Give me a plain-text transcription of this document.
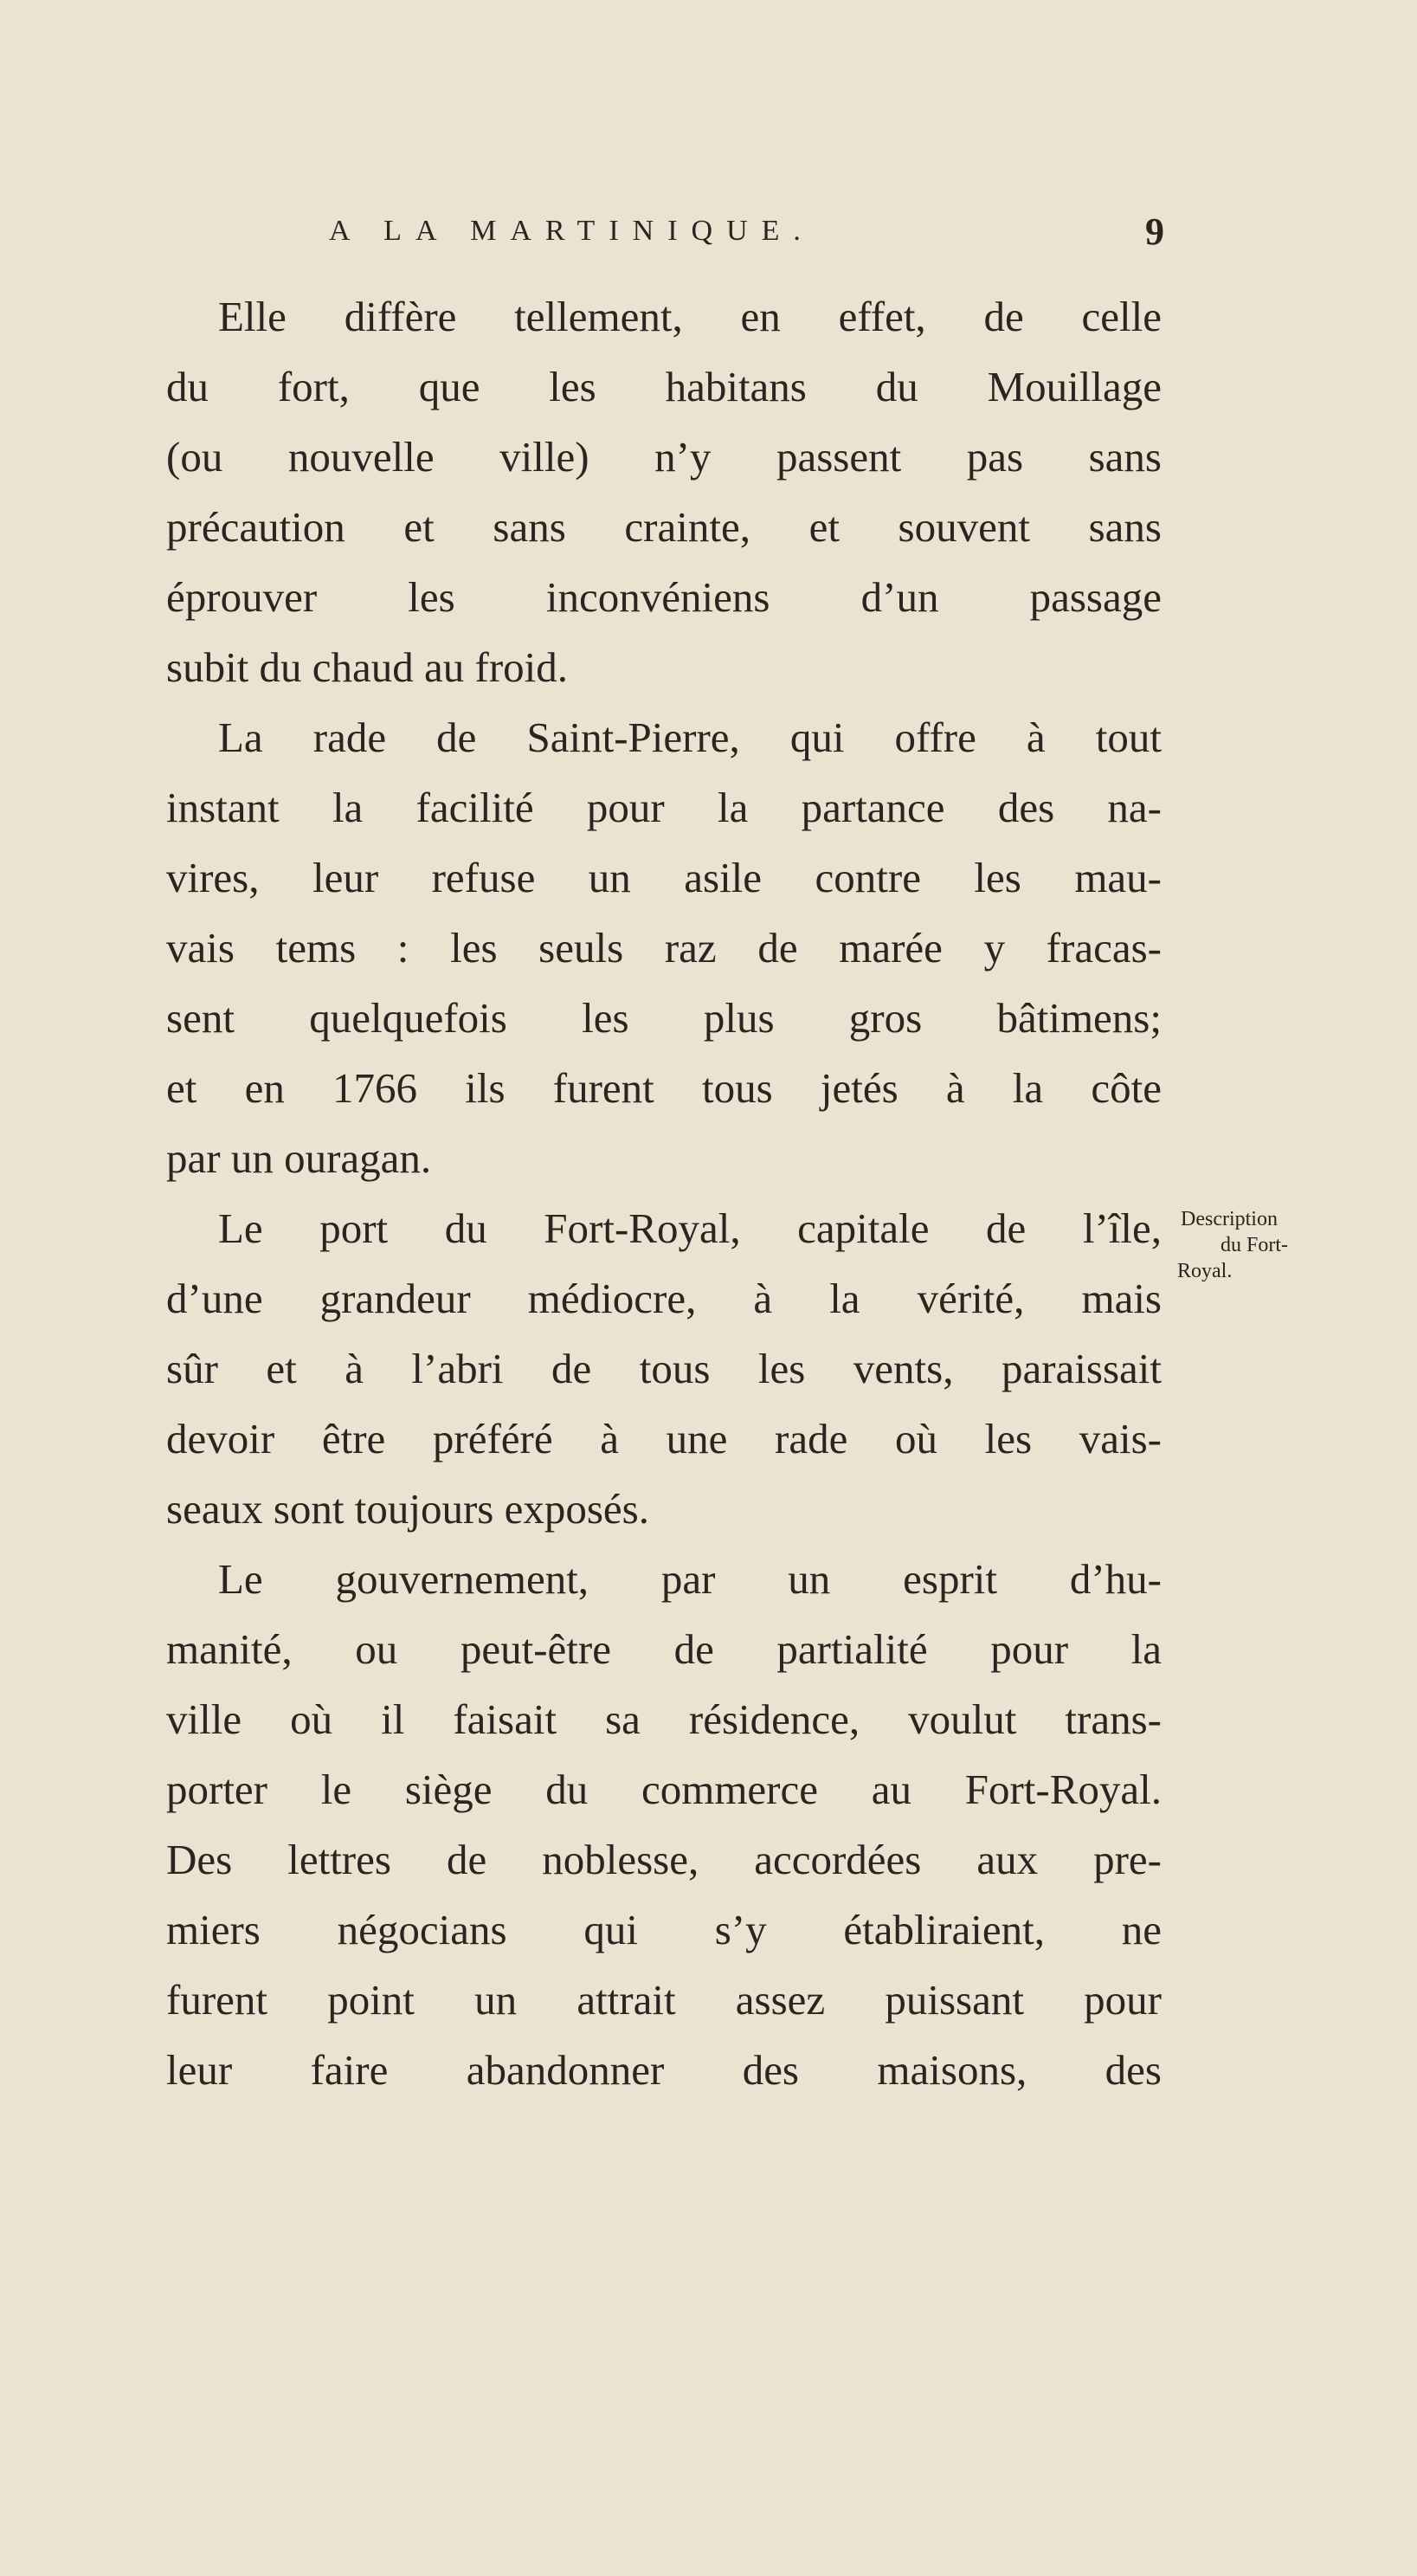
A LA MARTINIQUE.	9
Elle diffère tellement, en effet, de celle
du fort, que les habitans du Mouillage
(ou nouvelle ville) n’y passent pas sans
précaution et sans crainte, et souvent sans
éprouver les inconvéniens d’un passage
subit du chaud au froid.
La rade de Saint-Pierre, qui offre à tout
instant la facilité pour la partance des na-
vires, leur refuse un asile contre les mau-
vais tems : les seuls raz de marée y fracas-
sent quelquefois les plus gros bâtimens;
et en 1766 ils furent tous jetés à la côte
par un ouragan.
Le port du Fort-Royal, capitale de l’île,
d’une grandeur médiocre, à la vérité, mais
sûr et à l’abri de tous les vents, paraissait
devoir être préféré à une rade où les vais-
seaux sont toujours exposés.
Le gouvernement, par un esprit d’hu-
manité, ou peut-être de partialité pour la
ville où il faisait sa résidence, voulut trans-
porter le siège du commerce au Fort-Royal.
Des lettres de noblesse, accordées aux pre-
miers négocians qui s’y établiraient, ne
furent point un attrait assez puissant pour
leur faire abandonner des maisons, des
Description
du Fort-
Royal.
